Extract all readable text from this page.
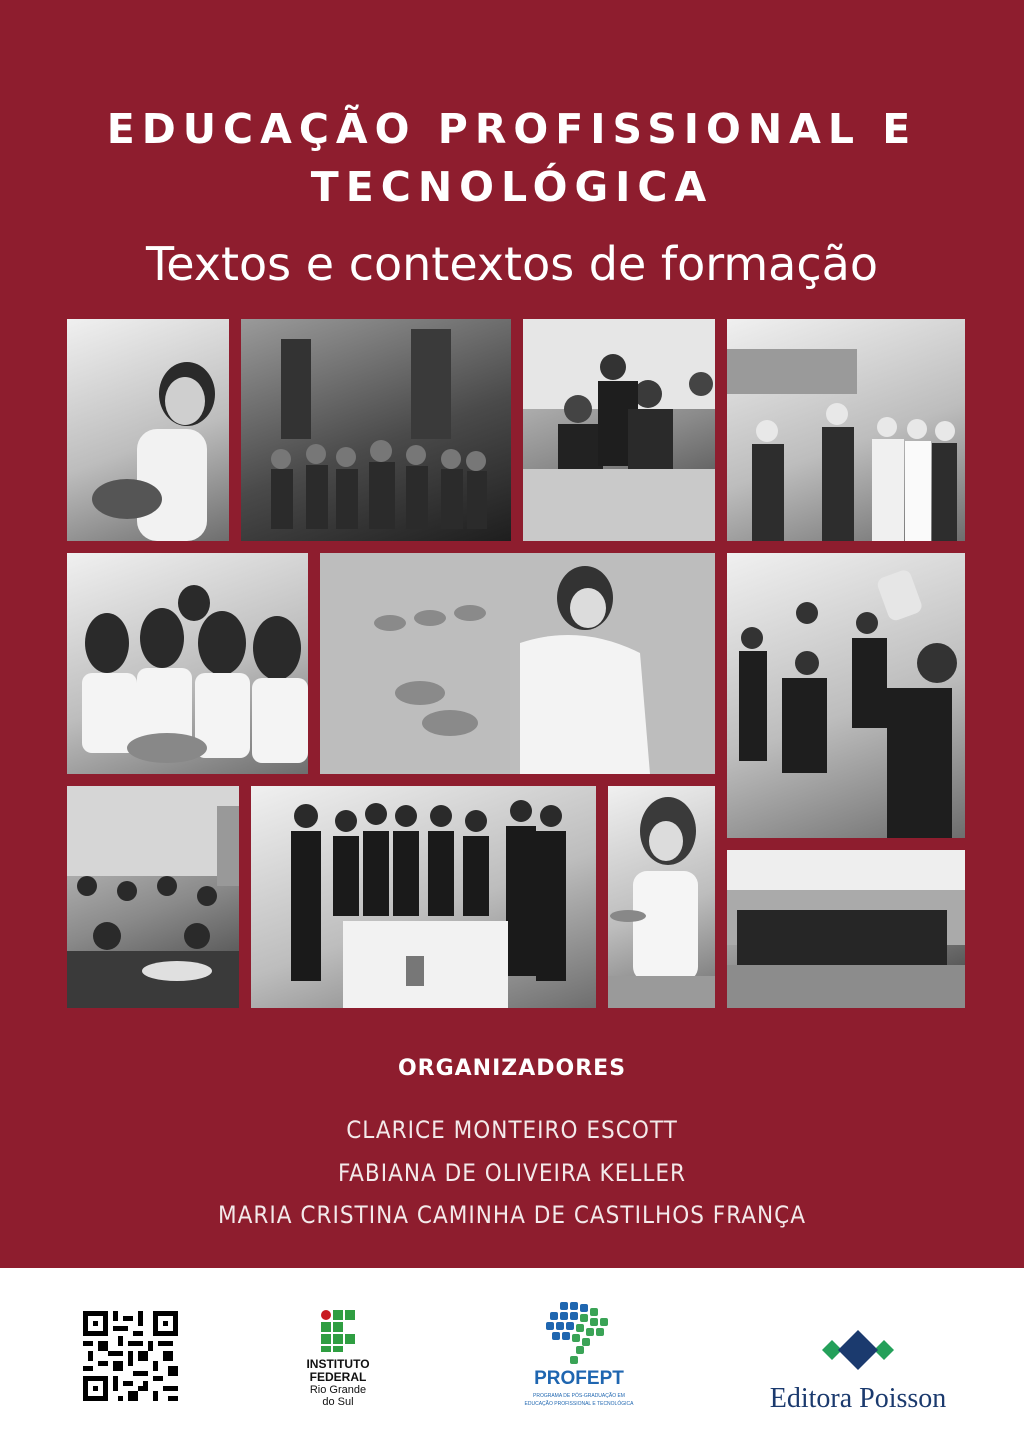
EDUCAÇÃO PROFISSIONAL E
TECNOLÓGICA
Textos e contextos de formação
ORGANIZADORES
CLARICE MONTEIRO ESCOTT
FABIANA DE OLIVEIRA KELLER
MARIA CRISTINA CAMINHA DE CASTILHOS FRANÇA
INSTITUTO
FEDERAL
Rio Grande
do Sul
PROFEPT
PROGRAMA DE PÓS-GRADUAÇÃO EM
EDUCAÇÃO PROFISSIONAL E TECNOLÓGICA	Editora Poisson
